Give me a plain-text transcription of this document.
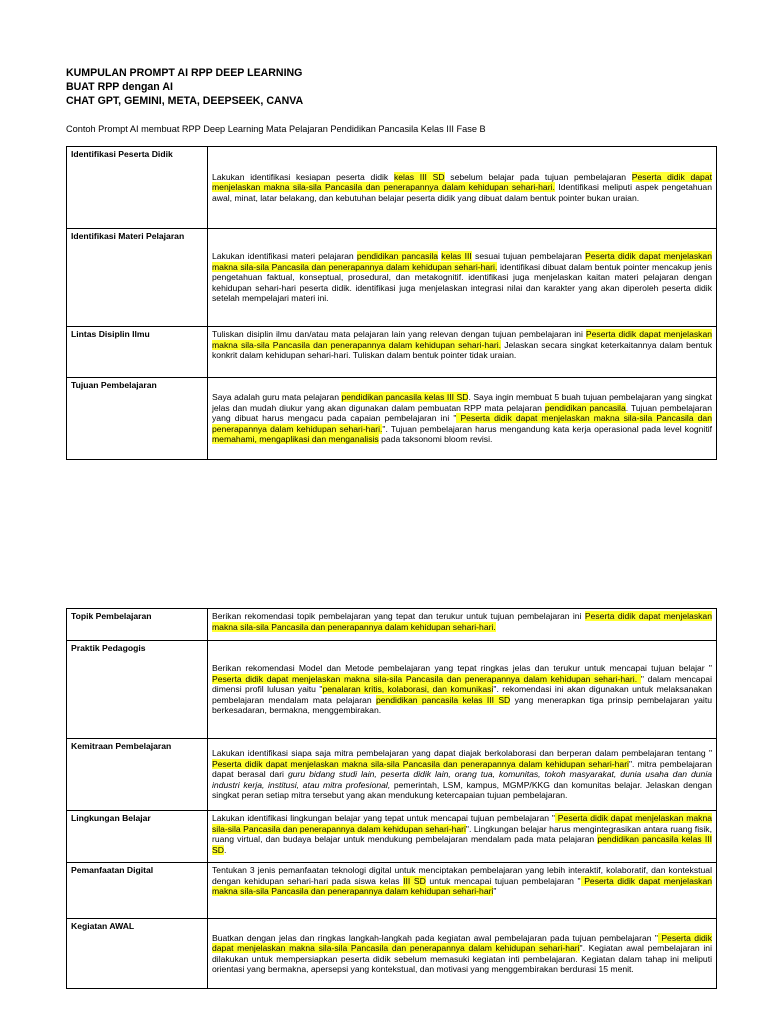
KUMPULAN PROMPT AI RPP DEEP LEARNING

BUAT RPP dengan AI

CHAT GPT, GEMINI, META, DEEPSEEK, CANVA

Contoh Prompt AI membuat RPP Deep Learning Mata Pelajaran Pendidikan Pancasila Kelas III Fase B
Identifikasi Peserta Didik	Lakukan identifikasi kesiapan peserta didik kelas III SD sebelum belajar pada tujuan pembelajaran Peserta didik dapat menjelaskan makna sila-sila Pancasila dan penerapannya dalam kehidupan sehari-hari. Identifikasi meliputi aspek pengetahuan awal, minat, latar belakang, dan kebutuhan belajar peserta didik yang dibuat dalam bentuk pointer bukan uraian.
Identifikasi Materi Pelajaran	Lakukan identifikasi materi pelajaran pendidikan pancasila kelas III sesuai tujuan pembelajaran Peserta didik dapat menjelaskan makna sila-sila Pancasila dan penerapannya dalam kehidupan sehari-hari. identifikasi dibuat dalam bentuk pointer mencakup jenis pengetahuan faktual, konseptual, prosedural, dan metakognitif. identifikasi juga menjelaskan kaitan materi pelajaran dengan kehidupan sehari-hari peserta didik. identifikasi juga menjelaskan integrasi nilai dan karakter yang akan diperoleh peserta didik setelah mempelajari materi ini.
Lintas Disiplin Ilmu	Tuliskan disiplin ilmu dan/atau mata pelajaran lain yang relevan dengan tujuan pembelajaran ini Peserta didik dapat menjelaskan makna sila-sila Pancasila dan penerapannya dalam kehidupan sehari-hari. Jelaskan secara singkat keterkaitannya dalam bentuk konkrit dalam kehidupan sehari-hari. Tuliskan dalam bentuk pointer tidak uraian.
Tujuan Pembelajaran	Saya adalah guru mata pelajaran pendidikan pancasila kelas III SD. Saya ingin membuat 5 buah tujuan pembelajaran yang singkat jelas dan mudah diukur yang akan digunakan dalam pembuatan RPP mata pelajaran pendidikan pancasila. Tujuan pembelajaran yang dibuat harus mengacu pada capaian pembelajaran ini " Peserta didik dapat menjelaskan makna sila-sila Pancasila dan penerapannya dalam kehidupan sehari-hari.". Tujuan pembelajaran harus mengandung kata kerja operasional pada level kognitif memahami, mengaplikasi dan menganalisis pada taksonomi bloom revisi.
Topik Pembelajaran	Berikan rekomendasi topik pembelajaran yang tepat dan terukur untuk tujuan pembelajaran ini Peserta didik dapat menjelaskan makna sila-sila Pancasila dan penerapannya dalam kehidupan sehari-hari.
Praktik Pedagogis	Berikan rekomendasi Model dan Metode pembelajaran yang tepat ringkas jelas dan terukur untuk mencapai tujuan belajar " Peserta didik dapat menjelaskan makna sila-sila Pancasila dan penerapannya dalam kehidupan sehari-hari. " dalam mencapai dimensi profil lulusan yaitu "penalaran kritis, kolaborasi, dan komunikasi". rekomendasi ini akan digunakan untuk melaksanakan pembelajaran mendalam mata pelajaran pendidikan pancasila kelas III SD yang menerapkan tiga prinsip pembelajaran yaitu berkesadaran, bermakna, menggembirakan.
Kemitraan Pembelajaran	Lakukan identifikasi siapa saja mitra pembelajaran yang dapat diajak berkolaborasi dan berperan dalam pembelajaran tentang " Peserta didik dapat menjelaskan makna sila-sila Pancasila dan penerapannya dalam kehidupan sehari-hari". mitra pembelajaran dapat berasal dari guru bidang studi lain, peserta didik lain, orang tua, komunitas, tokoh masyarakat, dunia usaha dan dunia industri kerja, institusi, atau mitra profesional, pemerintah, LSM, kampus, MGMP/KKG dan komunitas belajar. Jelaskan dengan singkat peran setiap mitra tersebut yang akan mendukung ketercapaian tujuan pembelajaran.
Lingkungan Belajar	Lakukan identifikasi lingkungan belajar yang tepat untuk mencapai tujuan pembelajaran " Peserta didik dapat menjelaskan makna sila-sila Pancasila dan penerapannya dalam kehidupan sehari-hari". Lingkungan belajar harus mengintegrasikan antara ruang fisik, ruang virtual, dan budaya belajar untuk mendukung pembelajaran mendalam pada mata pelajaran pendidikan pancasila kelas III SD.
Pemanfaatan Digital	Tentukan 3 jenis pemanfaatan teknologi digital untuk menciptakan pembelajaran yang lebih interaktif, kolaboratif, dan kontekstual dengan kehidupan sehari-hari pada siswa kelas III SD untuk mencapai tujuan pembelajaran " Peserta didik dapat menjelaskan makna sila-sila Pancasila dan penerapannya dalam kehidupan sehari-hari"
Kegiatan AWAL	Buatkan dengan jelas dan ringkas langkah-langkah pada kegiatan awal pembelajaran pada tujuan pembelajaran " Peserta didik dapat menjelaskan makna sila-sila Pancasila dan penerapannya dalam kehidupan sehari-hari". Kegiatan awal pembelajaran ini dilakukan untuk mempersiapkan peserta didik sebelum memasuki kegiatan inti pembelajaran. Kegiatan dalam tahap ini meliputi orientasi yang bermakna, apersepsi yang kontekstual, dan motivasi yang menggembirakan berdurasi 15 menit.
